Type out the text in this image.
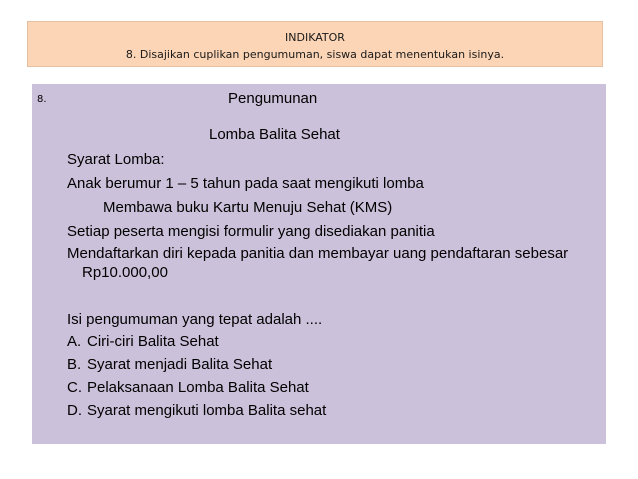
INDIKATOR
8. Disajikan cuplikan pengumuman, siswa dapat menentukan isinya.
8.	Pengumunan
Lomba Balita Sehat
Syarat Lomba:
Anak berumur 1 – 5 tahun pada saat mengikuti lomba
Membawa buku Kartu Menuju Sehat (KMS)
Setiap peserta mengisi formulir yang disediakan panitia
Mendaftarkan diri kepada panitia dan membayar uang pendaftaran sebesar
Rp10.000,00
Isi pengumuman yang tepat adalah ....
A. Ciri-ciri Balita Sehat
B. Syarat menjadi Balita Sehat
C. Pelaksanaan Lomba Balita Sehat
D. Syarat mengikuti lomba Balita sehat
